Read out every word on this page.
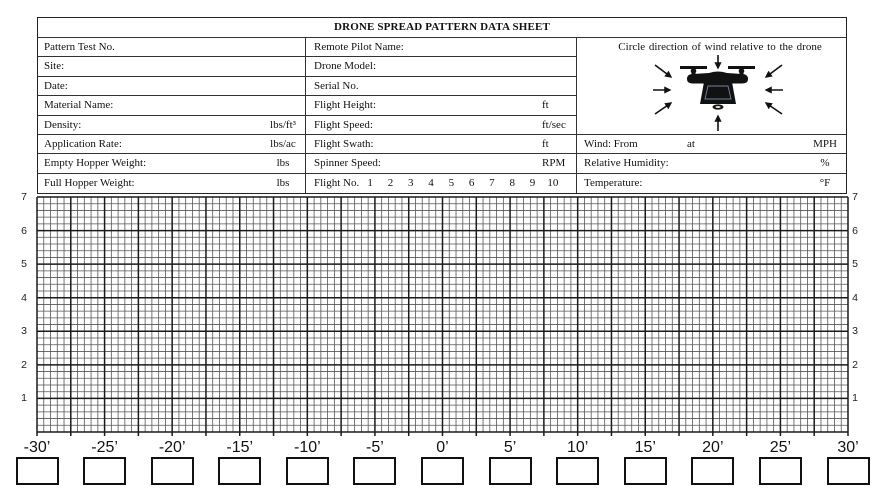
DRONE SPREAD PATTERN DATA SHEET
Pattern Test No.
Site:
Date:
Material Name:
Density:	lbs/ft³
Application Rate:	lbs/ac
Empty Hopper Weight:	lbs
Full Hopper Weight:	lbs
Remote Pilot Name:
Drone Model:
Serial No.
Flight Height:	ft
Flight Speed:	ft/sec
Flight Swath:	ft
Spinner Speed:	RPM
Flight No. 1	2	3	4	5	6	7	8	9	10
Circle direction of wind relative to the drone
Wind: From	at	MPH
Relative Humidity:	%
Temperature:	°F
-30’	-25’	-20’	-15’	-10’	-5’	0’	5’	10’	15’	20’	25’	30’
7	7
6	6
5	5
4	4
3	3
2	2
1	1
